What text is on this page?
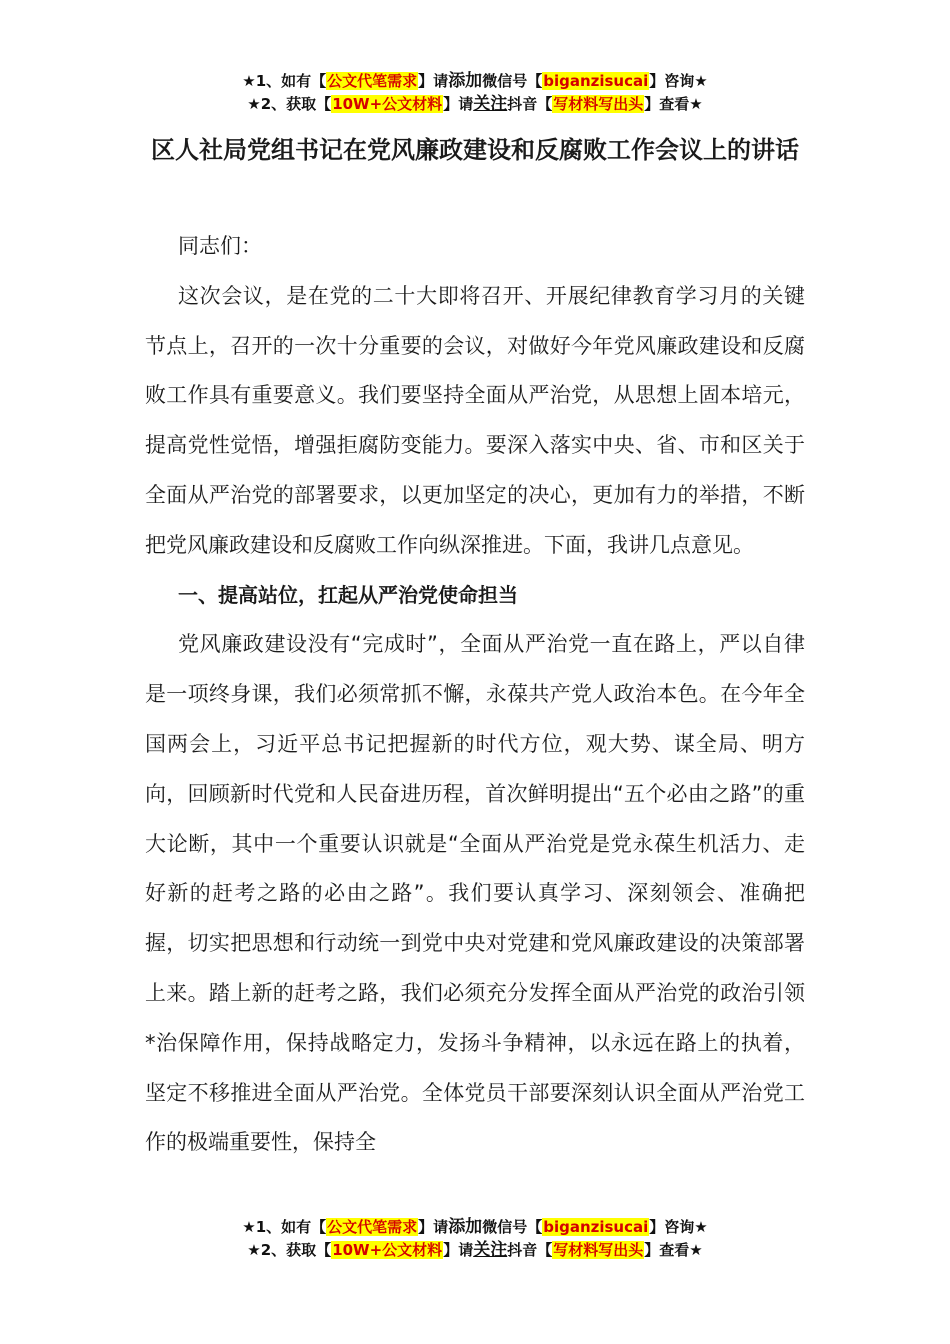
★1、如有【公文代笔需求】请添加微信号【biganzisucai】咨询★
★2、获取【10W+公文材料】请关注抖音【写材料写出头】查看★
区人社局党组书记在党风廉政建设和反腐败工作会议上的讲话

同志们：

这次会议，是在党的二十大即将召开、开展纪律教育学习月的关键节点上，召开的一次十分重要的会议，对做好今年党风廉政建设和反腐败工作具有重要意义。我们要坚持全面从严治党，从思想上固本培元，提高党性觉悟，增强拒腐防变能力。要深入落实中央、省、市和区关于全面从严治党的部署要求，以更加坚定的决心，更加有力的举措，不断把党风廉政建设和反腐败工作向纵深推进。下面，我讲几点意见。

一、提高站位，扛起从严治党使命担当

党风廉政建设没有“完成时”，全面从严治党一直在路上，严以自律是一项终身课，我们必须常抓不懈，永葆共产党人政治本色。在今年全国两会上，习近平总书记把握新的时代方位，观大势、谋全局、明方向，回顾新时代党和人民奋进历程，首次鲜明提出“五个必由之路”的重大论断，其中一个重要认识就是“全面从严治党是党永葆生机活力、走好新的赶考之路的必由之路”。我们要认真学习、深刻领会、准确把握，切实把思想和行动统一到党中央对党建和党风廉政建设的决策部署上来。踏上新的赶考之路，我们必须充分发挥全面从严治党的政治引领*治保障作用，保持战略定力，发扬斗争精神，以永远在路上的执着，坚定不移推进全面从严治党。全体党员干部要深刻认识全面从严治党工作的极端重要性，保持全

★1、如有【公文代笔需求】请添加微信号【biganzisucai】咨询★
★2、获取【10W+公文材料】请关注抖音【写材料写出头】查看★
